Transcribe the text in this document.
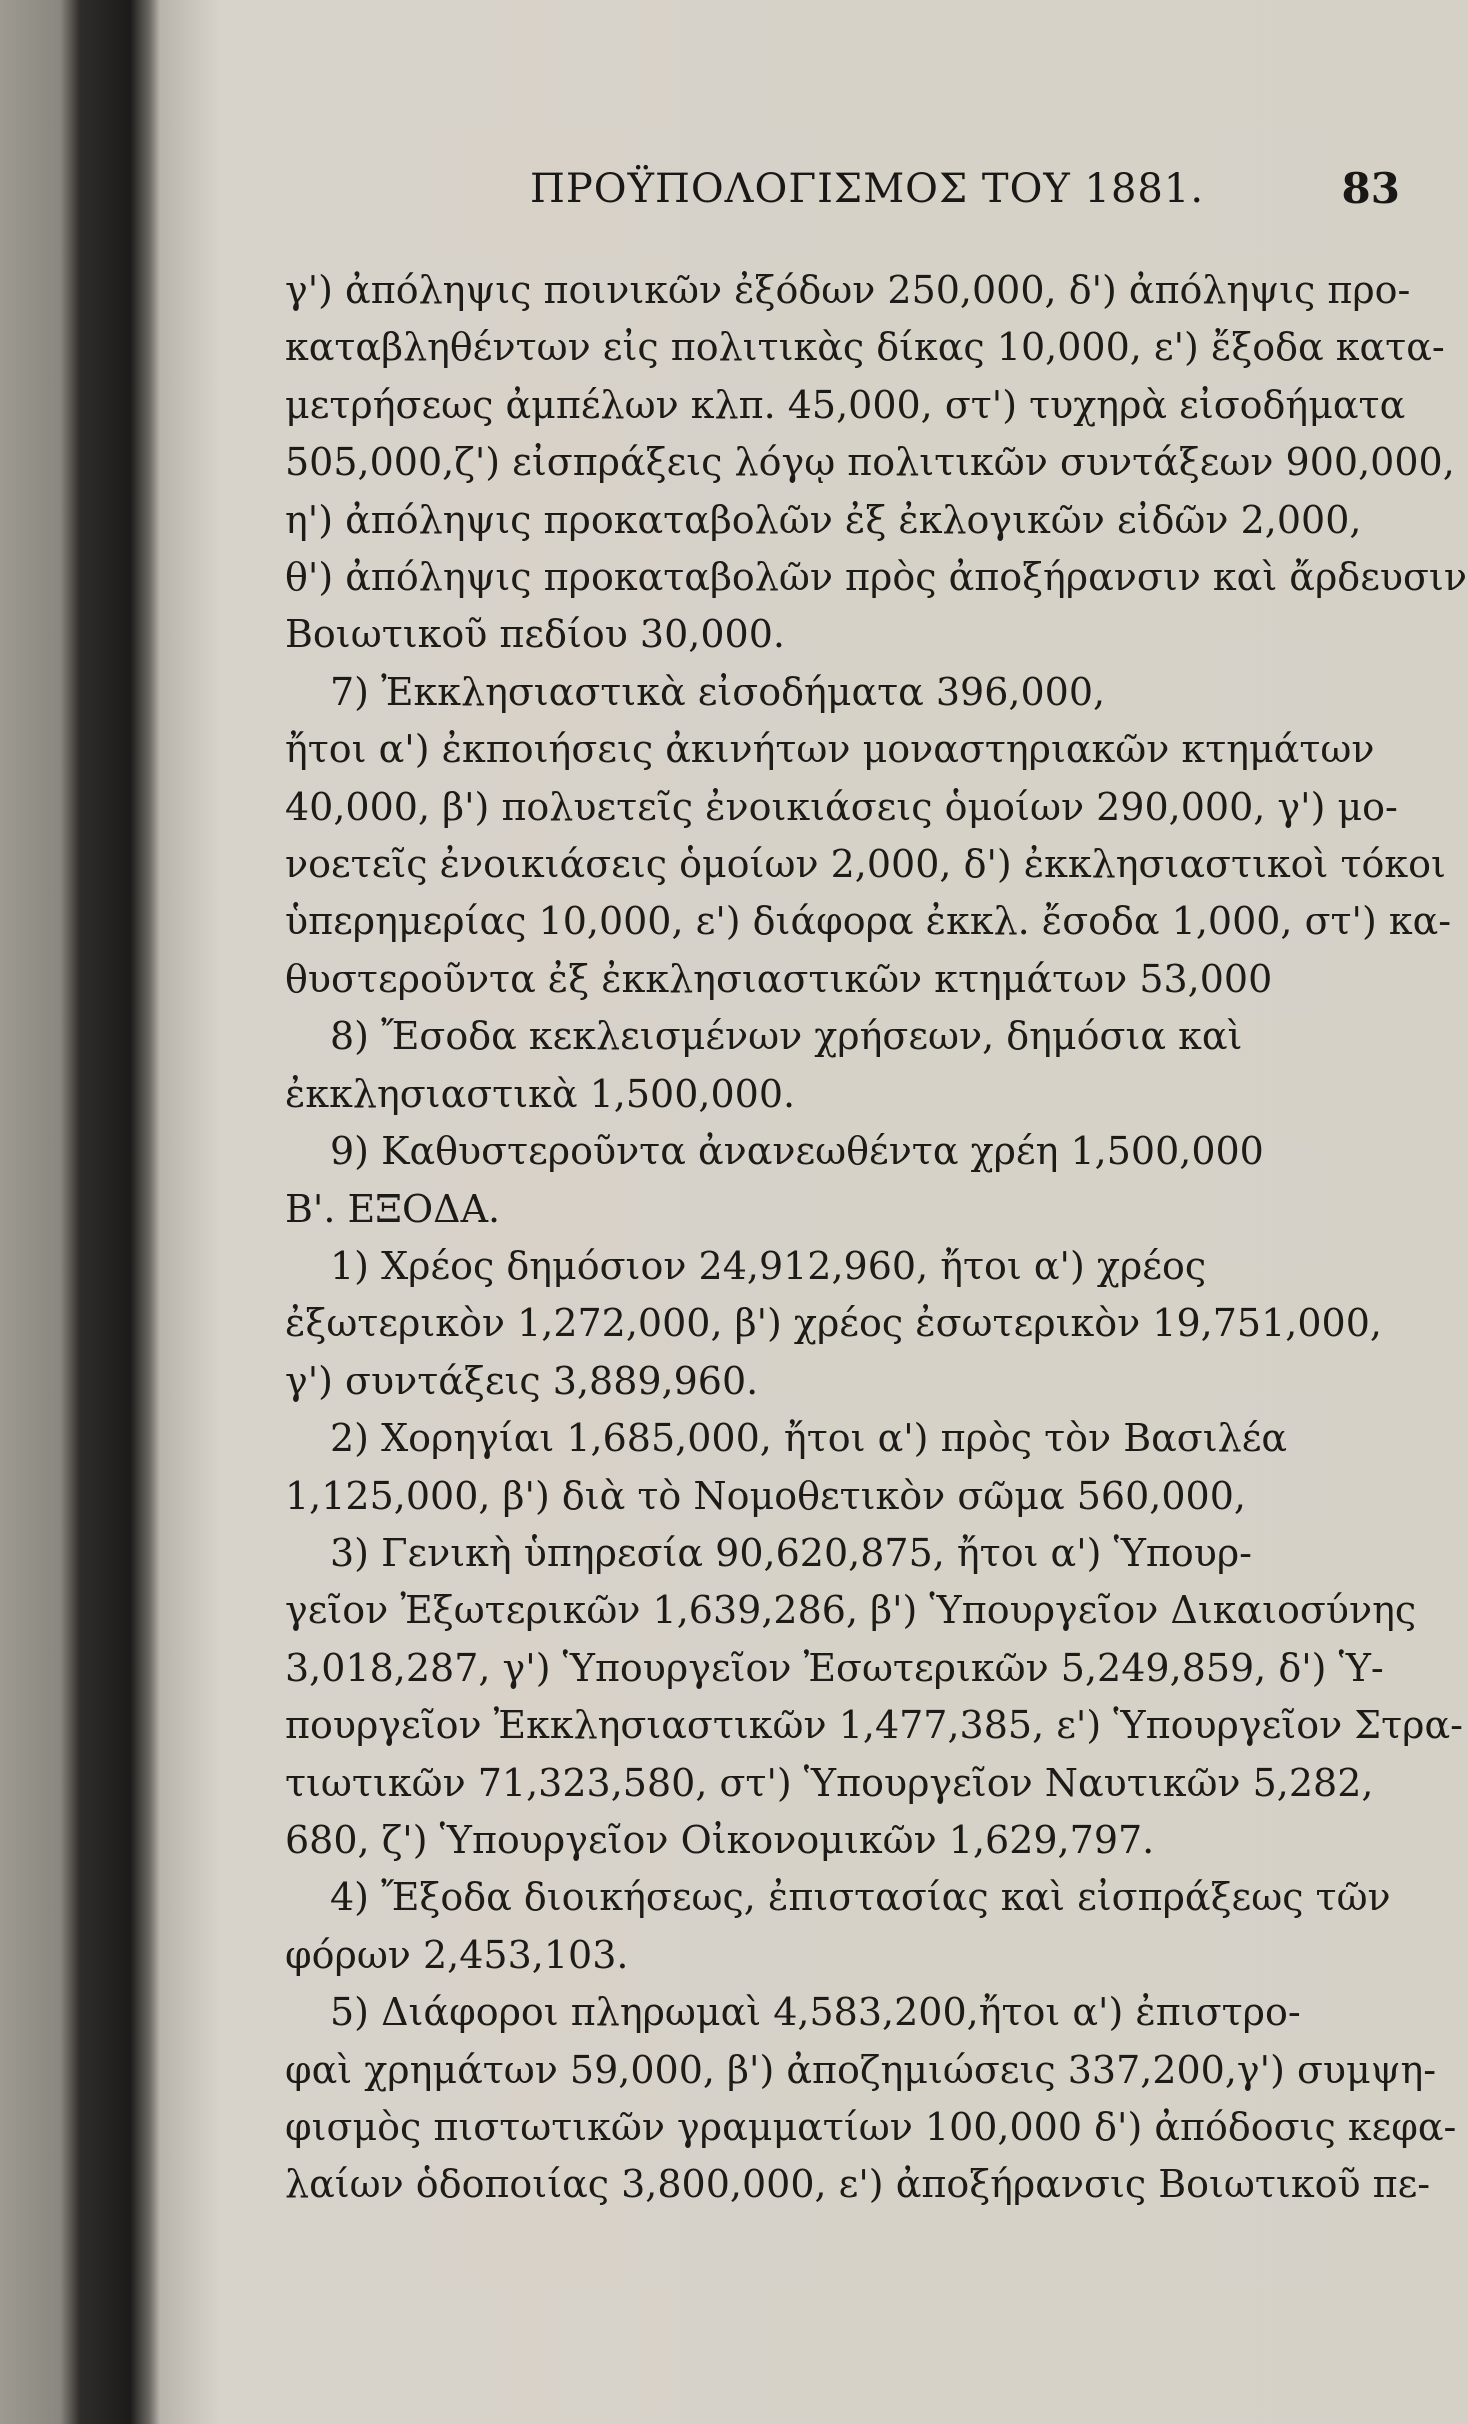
ΠΡΟΫΠΟΛΟΓΙΣΜΟΣ ΤΟΥ 1881.	83
γ') ἀπόληψις ποινικῶν ἐξόδων 250,000, δ') ἀπόληψις προ-
καταβληθέντων εἰς πολιτικὰς δίκας 10,000, ε') ἔξοδα κατα-
μετρήσεως ἀμπέλων κλπ. 45,000, στ') τυχηρὰ εἰσοδήματα
505,000,ζ') εἰσπράξεις λόγῳ πολιτικῶν συντάξεων 900,000,
η') ἀπόληψις προκαταβολῶν ἐξ ἐκλογικῶν εἰδῶν 2,000,
θ') ἀπόληψις προκαταβολῶν πρὸς ἀποξήρανσιν καὶ ἄρδευσιν
Βοιωτικοῦ πεδίου 30,000.
7) Ἐκκλησιαστικὰ εἰσοδήματα 396,000,
ἤτοι α') ἐκποιήσεις ἀκινήτων μοναστηριακῶν κτημάτων
40,000, β') πολυετεῖς ἐνοικιάσεις ὁμοίων 290,000, γ') μο-
νοετεῖς ἐνοικιάσεις ὁμοίων 2,000, δ') ἐκκλησιαστικοὶ τόκοι
ὑπερημερίας 10,000, ε') διάφορα ἐκκλ. ἔσοδα 1,000, στ') κα-
θυστεροῦντα ἐξ ἐκκλησιαστικῶν κτημάτων 53,000
8) Ἔσοδα κεκλεισμένων χρήσεων, δημόσια καὶ
ἐκκλησιαστικὰ 1,500,000.
9) Καθυστεροῦντα ἀνανεωθέντα χρέη 1,500,000
Β'. ΕΞΟΔΑ.
1) Χρέος δημόσιον 24,912,960, ἤτοι α') χρέος
ἐξωτερικὸν 1,272,000, β') χρέος ἐσωτερικὸν 19,751,000,
γ') συντάξεις 3,889,960.
2) Χορηγίαι 1,685,000, ἤτοι α') πρὸς τὸν Βασιλέα
1,125,000, β') διὰ τὸ Νομοθετικὸν σῶμα 560,000,
3) Γενικὴ ὑπηρεσία 90,620,875, ἤτοι α') Ὑπουρ-
γεῖον Ἐξωτερικῶν 1,639,286, β') Ὑπουργεῖον Δικαιοσύνης
3,018,287, γ') Ὑπουργεῖον Ἐσωτερικῶν 5,249,859, δ') Ὑ-
πουργεῖον Ἐκκλησιαστικῶν 1,477,385, ε') Ὑπουργεῖον Στρα-
τιωτικῶν 71,323,580, στ') Ὑπουργεῖον Ναυτικῶν 5,282,
680, ζ') Ὑπουργεῖον Οἰκονομικῶν 1,629,797.
4) Ἔξοδα διοικήσεως, ἐπιστασίας καὶ εἰσπράξεως τῶν
φόρων 2,453,103.
5) Διάφοροι πληρωμαὶ 4,583,200,ἤτοι α') ἐπιστρο-
φαὶ χρημάτων 59,000, β') ἀποζημιώσεις 337,200,γ') συμψη-
φισμὸς πιστωτικῶν γραμματίων 100,000 δ') ἀπόδοσις κεφα-
λαίων ὁδοποιίας 3,800,000, ε') ἀποξήρανσις Βοιωτικοῦ πε-
